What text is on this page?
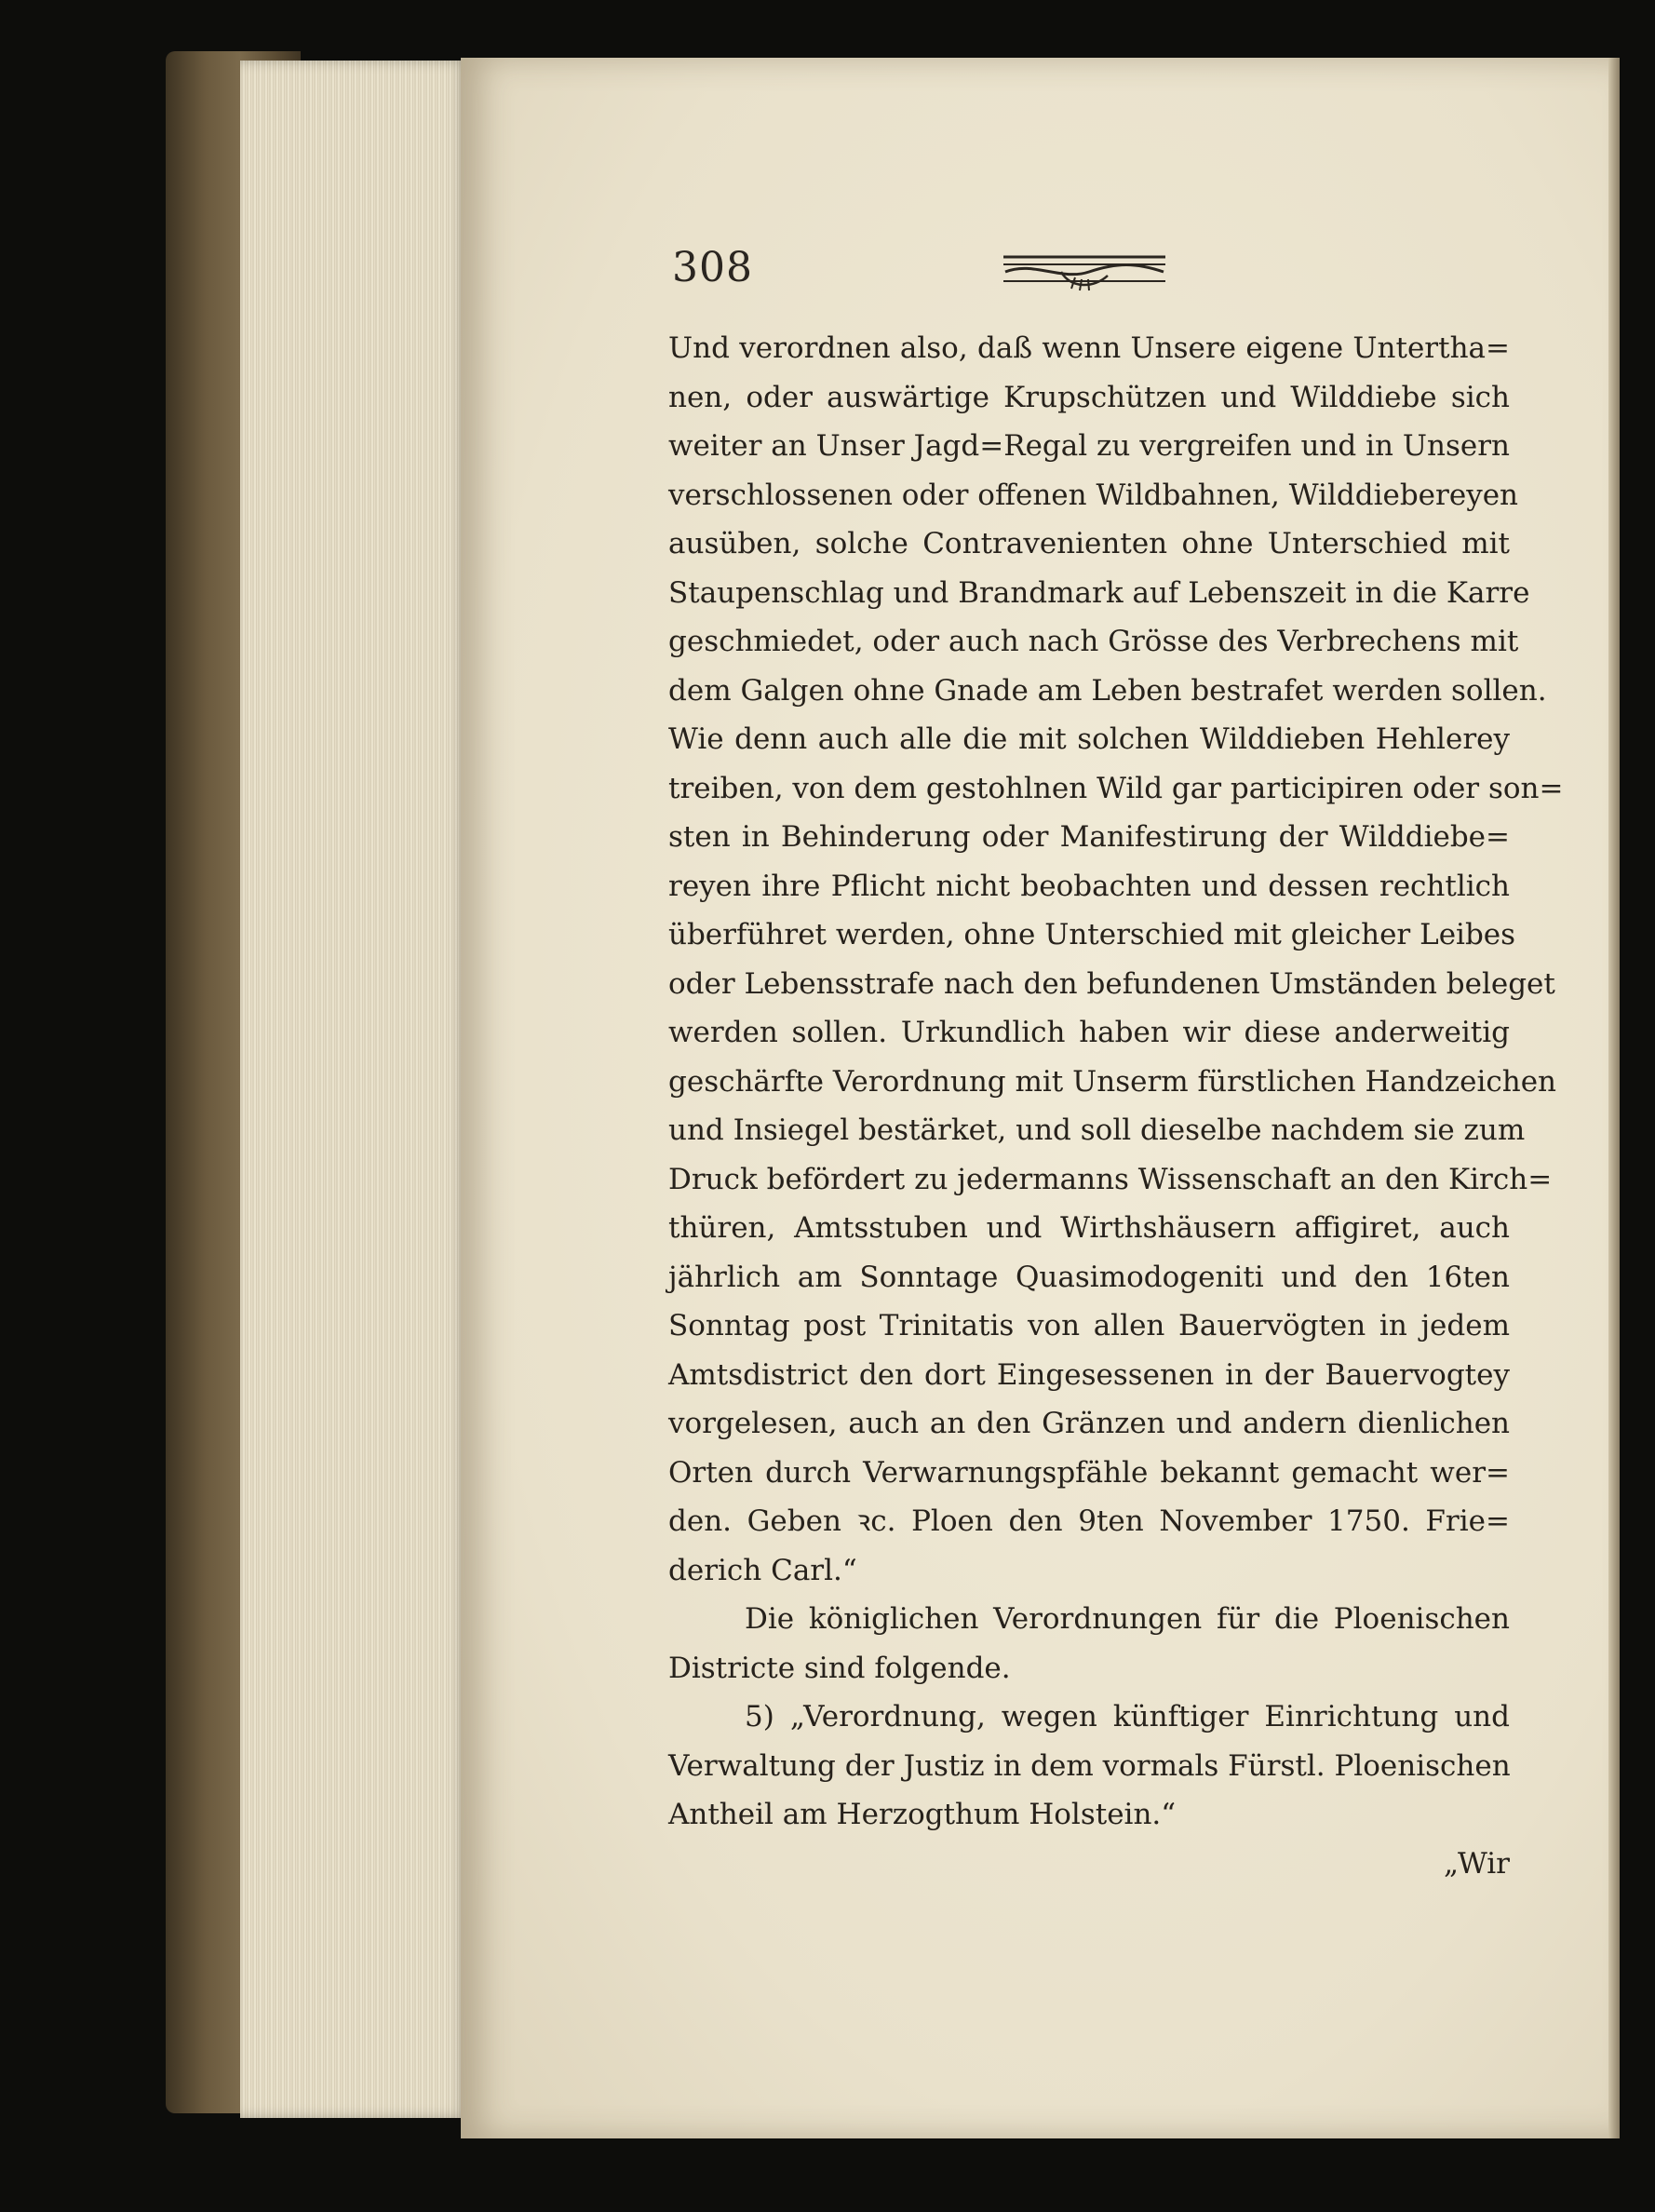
308
Und verordnen also, daß wenn Unsere eigene Untertha=
nen, oder auswärtige Krupschützen und Wilddiebe sich
weiter an Unser Jagd=Regal zu vergreifen und in Unsern
verschlossenen oder offenen Wildbahnen, Wilddiebereyen
ausüben, solche Contravenienten ohne Unterschied mit
Staupenschlag und Brandmark auf Lebenszeit in die Karre
geschmiedet, oder auch nach Grösse des Verbrechens mit
dem Galgen ohne Gnade am Leben bestrafet werden sollen.
Wie denn auch alle die mit solchen Wilddieben Hehlerey
treiben, von dem gestohlnen Wild gar participiren oder son=
sten in Behinderung oder Manifestirung der Wilddiebe=
reyen ihre Pflicht nicht beobachten und dessen rechtlich
überführet werden, ohne Unterschied mit gleicher Leibes
oder Lebensstrafe nach den befundenen Umständen beleget
werden sollen. Urkundlich haben wir diese anderweitig
geschärfte Verordnung mit Unserm fürstlichen Handzeichen
und Insiegel bestärket, und soll dieselbe nachdem sie zum
Druck befördert zu jedermanns Wissenschaft an den Kirch=
thüren, Amtsstuben und Wirthshäusern affigiret, auch
jährlich am Sonntage Quasimodogeniti und den 16ten
Sonntag post Trinitatis von allen Bauervögten in jedem
Amtsdistrict den dort Eingesessenen in der Bauervogtey
vorgelesen, auch an den Gränzen und andern dienlichen
Orten durch Verwarnungspfähle bekannt gemacht wer=
den. Geben ꝛc. Ploen den 9ten November 1750. Frie=
derich Carl.“
Die königlichen Verordnungen für die Ploenischen
Districte sind folgende.
5) „Verordnung, wegen künftiger Einrichtung und
Verwaltung der Justiz in dem vormals Fürstl. Ploenischen
Antheil am Herzogthum Holstein.“
„Wir
